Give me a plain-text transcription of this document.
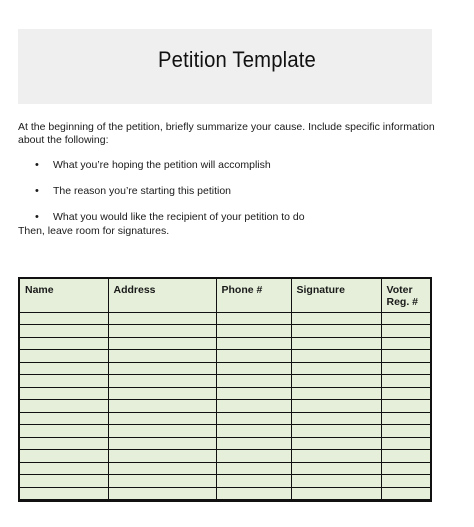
Petition Template
At the beginning of the petition, briefly summarize your cause. Include specific information about the following:
• What you’re hoping the petition will accomplish
• The reason you’re starting this petition
• What you would like the recipient of your petition to do
Then, leave room for signatures.
Name	Address	Phone #	Signature	Voter Reg. #
